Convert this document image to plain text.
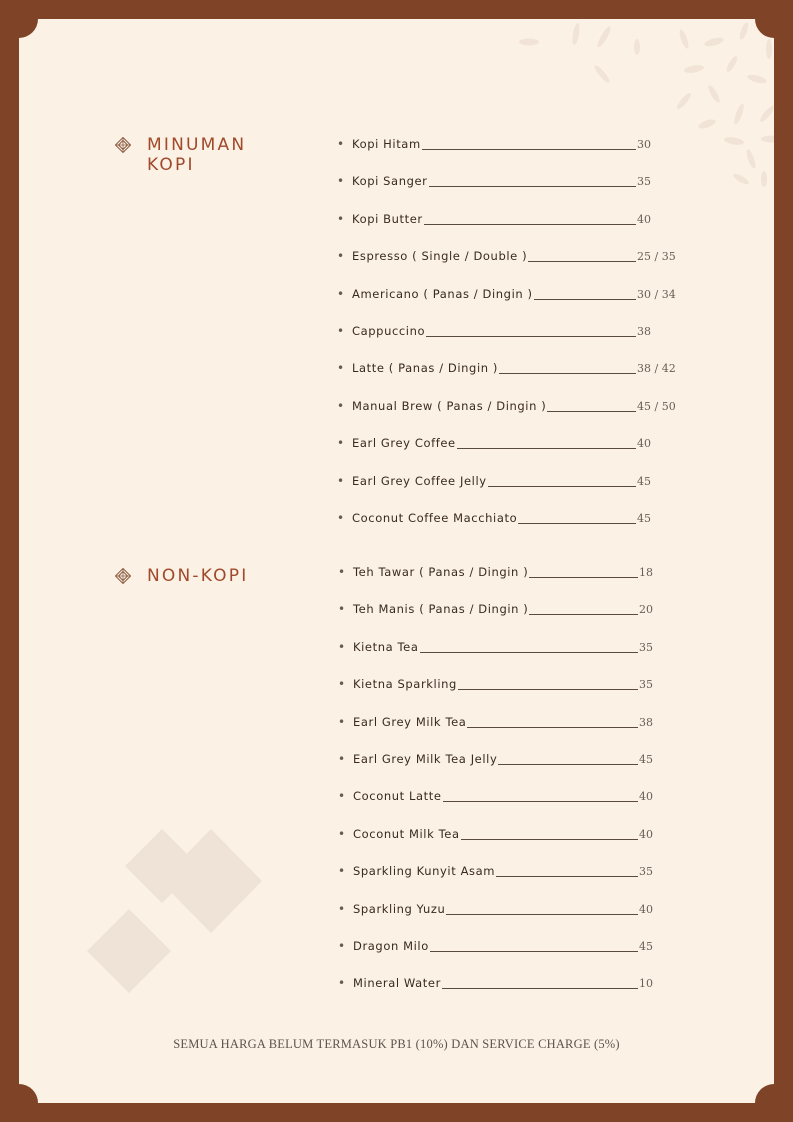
MINUMAN KOPI
• Kopi Hitam	30
• Kopi Sanger	35
• Kopi Butter	40
• Espresso ( Single / Double )	25 / 35
• Americano ( Panas / Dingin )	30 / 34
• Cappuccino	38
• Latte ( Panas / Dingin )	38 / 42
• Manual Brew ( Panas / Dingin )	45 / 50
• Earl Grey Coffee	40
• Earl Grey Coffee Jelly	45
• Coconut Coffee Macchiato	45
NON-KOPI	• Teh Tawar ( Panas / Dingin )	18
• Teh Manis ( Panas / Dingin )	20
• Kietna Tea	35
• Kietna Sparkling	35
• Earl Grey Milk Tea	38
• Earl Grey Milk Tea Jelly	45
• Coconut Latte	40
• Coconut Milk Tea	40
• Sparkling Kunyit Asam	35
• Sparkling Yuzu	40
• Dragon Milo	45
• Mineral Water	10
SEMUA HARGA BELUM TERMASUK PB1 (10%) DAN SERVICE CHARGE (5%)
